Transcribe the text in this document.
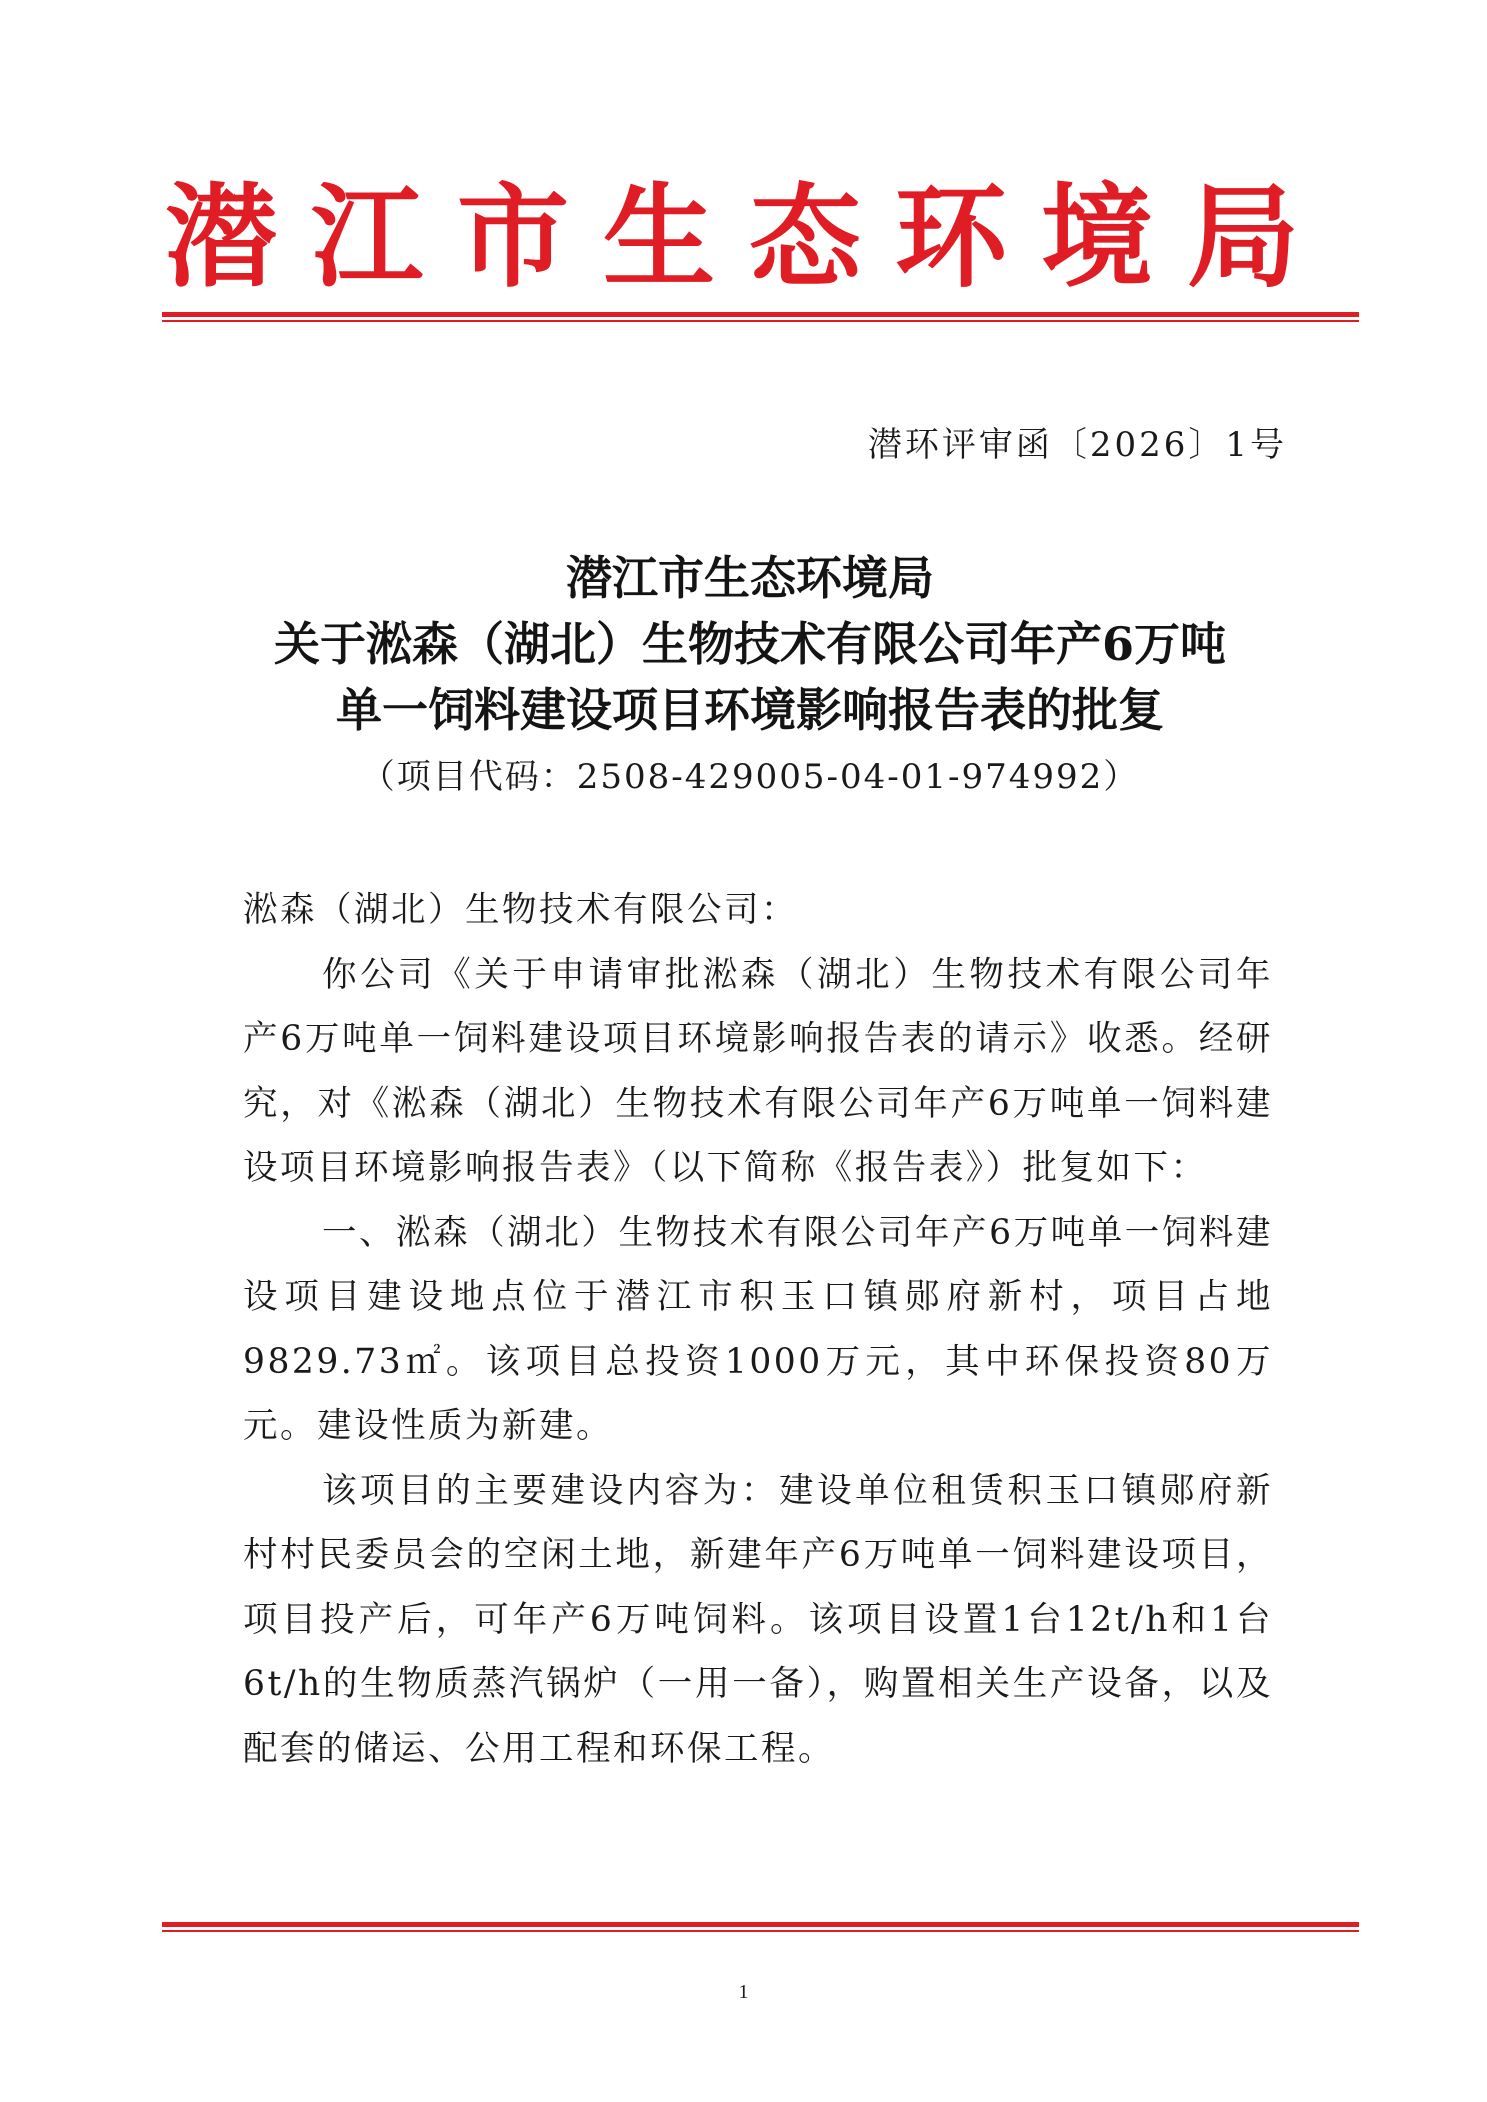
潜江市生态环境局
潜环评审函〔2026〕1号
潜江市生态环境局
关于淞森（湖北）生物技术有限公司年产6万吨
单一饲料建设项目环境影响报告表的批复
（项目代码：2508-429005-04-01-974992）

淞森（湖北）生物技术有限公司：

你公司《关于申请审批淞森（湖北）生物技术有限公司年产6万吨单一饲料建设项目环境影响报告表的请示》收悉。经研究，对《淞森（湖北）生物技术有限公司年产6万吨单一饲料建设项目环境影响报告表》（以下简称《报告表》）批复如下：

一、淞森（湖北）生物技术有限公司年产6万吨单一饲料建设项目建设地点位于潜江市积玉口镇郧府新村，项目占地9829.73㎡。该项目总投资1000万元，其中环保投资80万元。建设性质为新建。

该项目的主要建设内容为：建设单位租赁积玉口镇郧府新村村民委员会的空闲土地，新建年产6万吨单一饲料建设项目，项目投产后，可年产6万吨饲料。该项目设置1台12t/h和1台6t/h的生物质蒸汽锅炉（一用一备），购置相关生产设备，以及配套的储运、公用工程和环保工程。

1
